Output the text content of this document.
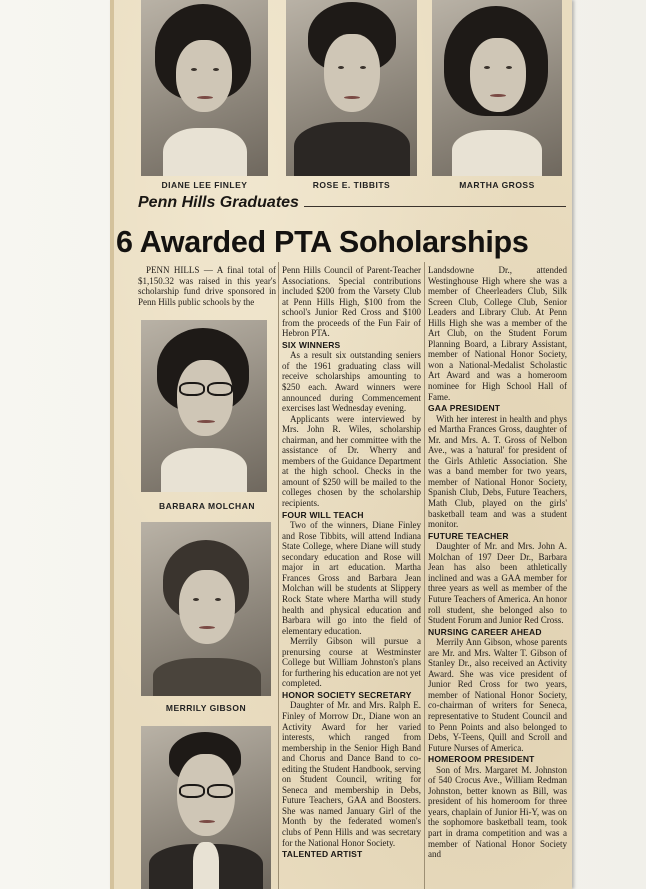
DIANE LEE FINLEY	ROSE E. TIBBITS	MARTHA GROSS
Penn Hills Graduates
6 Awarded PTA Soholarships

PENN HILLS — A final total of $1,150.32 was raised in this year's scholarship fund drive sponsored in Penn Hills public schools by the

BARBARA MOLCHAN
MERRILY GIBSON

Penn Hills Council of Parent-Teacher Associations. Special contributions included $200 from the Varsety Club at Penn Hills High, $100 from the school's Junior Red Cross and $100 from the proceeds of the Fun Fair of Hebron PTA.

SIX WINNERS

As a result six outstanding seniers of the 1961 graduating class will receive scholarships amounting to $250 each. Award winners were announced during Commencement exercises last Wednesday evening.

Applicants were interviewed by Mrs. John R. Wiles, scholarship chairman, and her committee with the assistance of Dr. Wherry and members of the Guidance Department at the high school. Checks in the amount of $250 will be mailed to the colleges chosen by the scholarship recipients.

FOUR WILL TEACH

Two of the winners, Diane Finley and Rose Tibbits, will attend Indiana State College, where Diane will study secondary education and Rose will major in art education. Martha Frances Gross and Barbara Jean Molchan will be students at Slippery Rock State where Martha will study health and physical education and Barbara will go into the field of elementary education.

Merrily Gibson will pursue a prenursing course at Westminster College but William Johnston's plans for furthering his education are not yet completed.

HONOR SOCIETY SECRETARY

Daughter of Mr. and Mrs. Ralph E. Finley of Morrow Dr., Diane won an Activity Award for her varied interests, which ranged from membership in the Senior High Band and Chorus and Dance Band to co-editing the Student Handbook, serving on Student Council, writing for Seneca and membership in Debs, Future Teachers, GAA and Boosters. She was named January Girl of the Month by the federated women's clubs of Penn Hills and was secretary for the National Honor Society.

TALENTED ARTIST

Landsdowne Dr., attended Westinghouse High where she was a member of Cheerleaders Club, Silk Screen Club, College Club, Senior Leaders and Library Club. At Penn Hills High she was a member of the Art Club, on the Student Forum Planning Board, a Library Assistant, member of National Honor Society, won a National-Medalist Scholastic Art Award and was a homeroom nominee for High School Hall of Fame.

GAA PRESIDENT

With her interest in health and phys ed Martha Frances Gross, daughter of Mr. and Mrs. A. T. Gross of Nelbon Ave., was a 'natural' for president of the Girls Athletic Association. She was a band member for two years, member of National Honor Society, Spanish Club, Debs, Future Teachers, Math Club, played on the girls' basketball team and was a student monitor.

FUTURE TEACHER

Daughter of Mr. and Mrs. John A. Molchan of 197 Deer Dr., Barbara Jean has also been athletically inclined and was a GAA member for three years as well as member of the Future Teachers of America. An honor roll student, she belonged also to Student Forum and Junior Red Cross.

NURSING CAREER AHEAD

Merrily Ann Gibson, whose parents are Mr. and Mrs. Walter T. Gibson of Stanley Dr., also received an Activity Award. She was vice president of Junior Red Cross for two years, member of National Honor Society, co-chairman of writers for Seneca, representative to Student Council and to Penn Points and also belonged to Debs, Y-Teens, Quill and Scroll and Future Nurses of America.

HOMEROOM PRESIDENT

Son of Mrs. Margaret M. Johnston of 540 Crocus Ave., William Redman Johnston, better known as Bill, was president of his homeroom for three years, chaplain of Junior Hi-Y, was on the sophomore basketball team, took part in drama competition and was a member of National Honor Society and
